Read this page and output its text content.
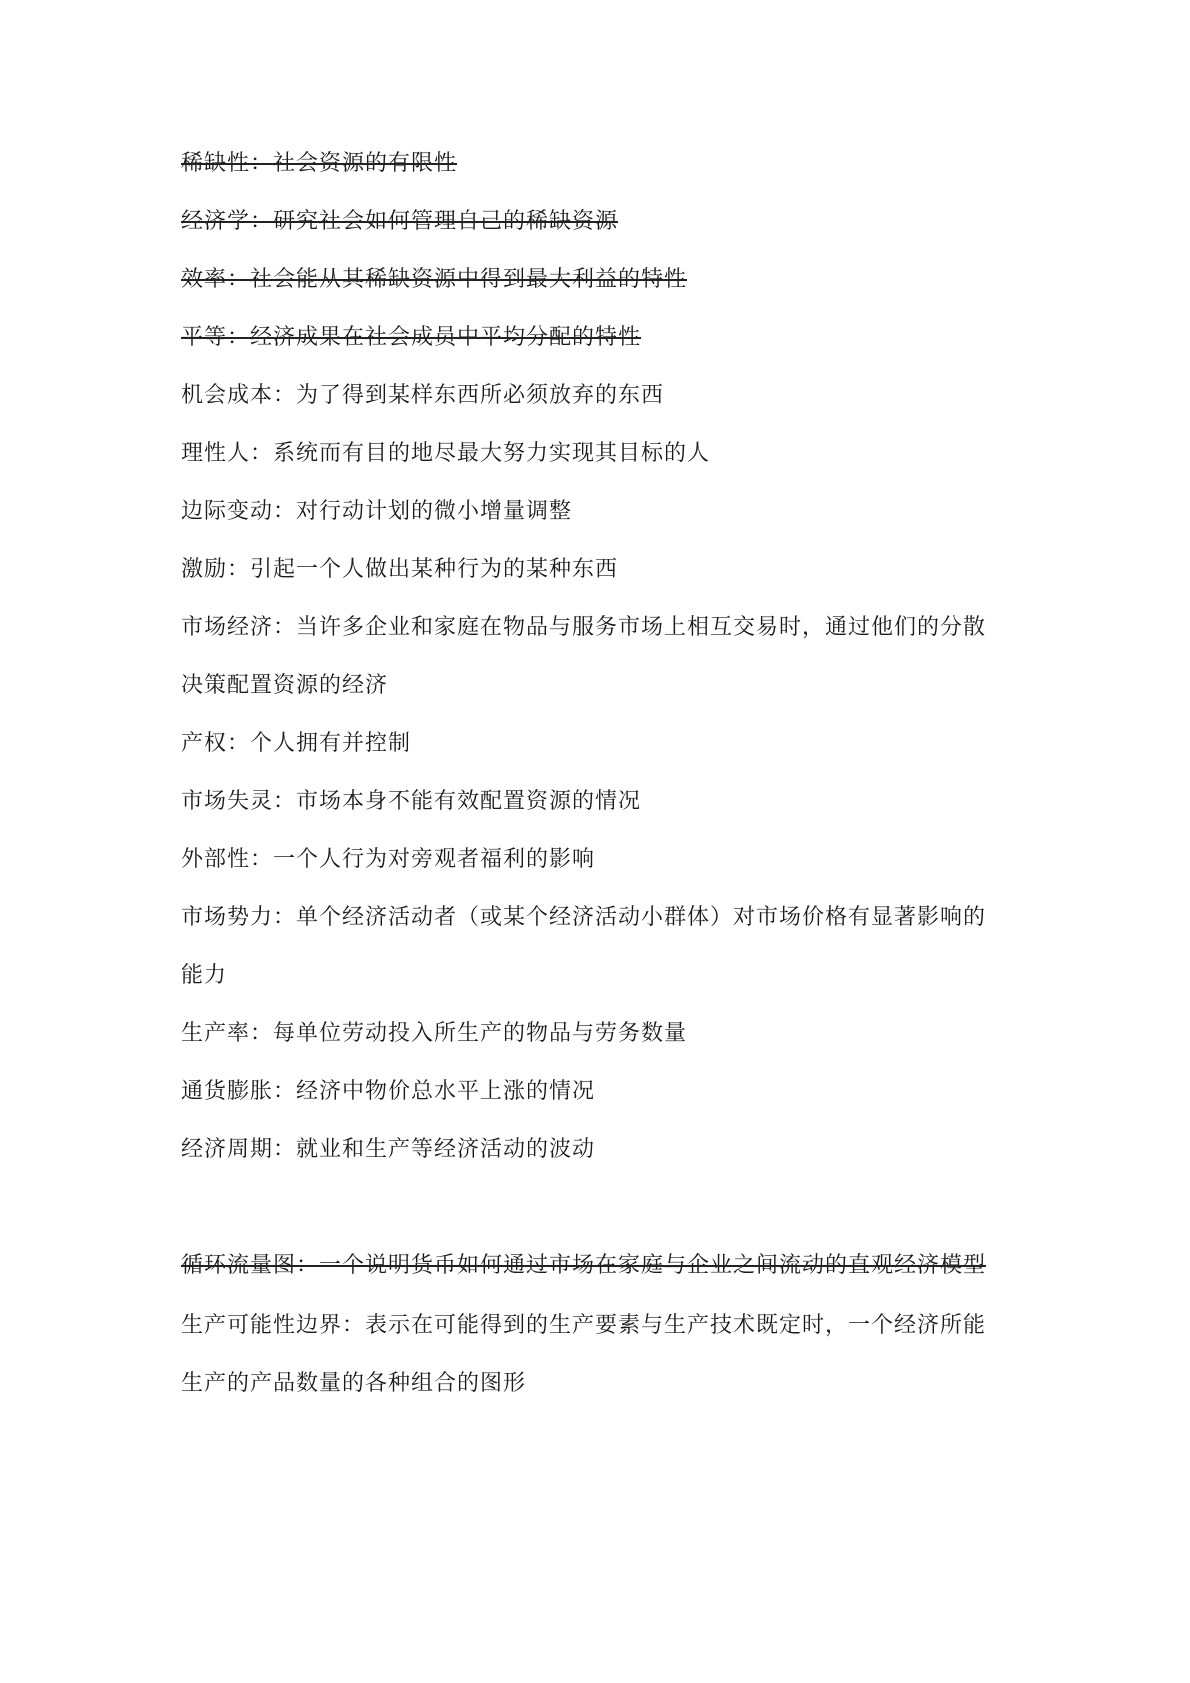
稀缺性：社会资源的有限性

经济学：研究社会如何管理自己的稀缺资源

效率：社会能从其稀缺资源中得到最大利益的特性

平等：经济成果在社会成员中平均分配的特性

机会成本：为了得到某样东西所必须放弃的东西

理性人：系统而有目的地尽最大努力实现其目标的人

边际变动：对行动计划的微小增量调整

激励：引起一个人做出某种行为的某种东西

市场经济：当许多企业和家庭在物品与服务市场上相互交易时，通过他们的分散

决策配置资源的经济

产权：个人拥有并控制

市场失灵：市场本身不能有效配置资源的情况

外部性：一个人行为对旁观者福利的影响

市场势力：单个经济活动者（或某个经济活动小群体）对市场价格有显著影响的

能力

生产率：每单位劳动投入所生产的物品与劳务数量

通货膨胀：经济中物价总水平上涨的情况

经济周期：就业和生产等经济活动的波动

循环流量图：一个说明货币如何通过市场在家庭与企业之间流动的直观经济模型

生产可能性边界：表示在可能得到的生产要素与生产技术既定时，一个经济所能

生产的产品数量的各种组合的图形
